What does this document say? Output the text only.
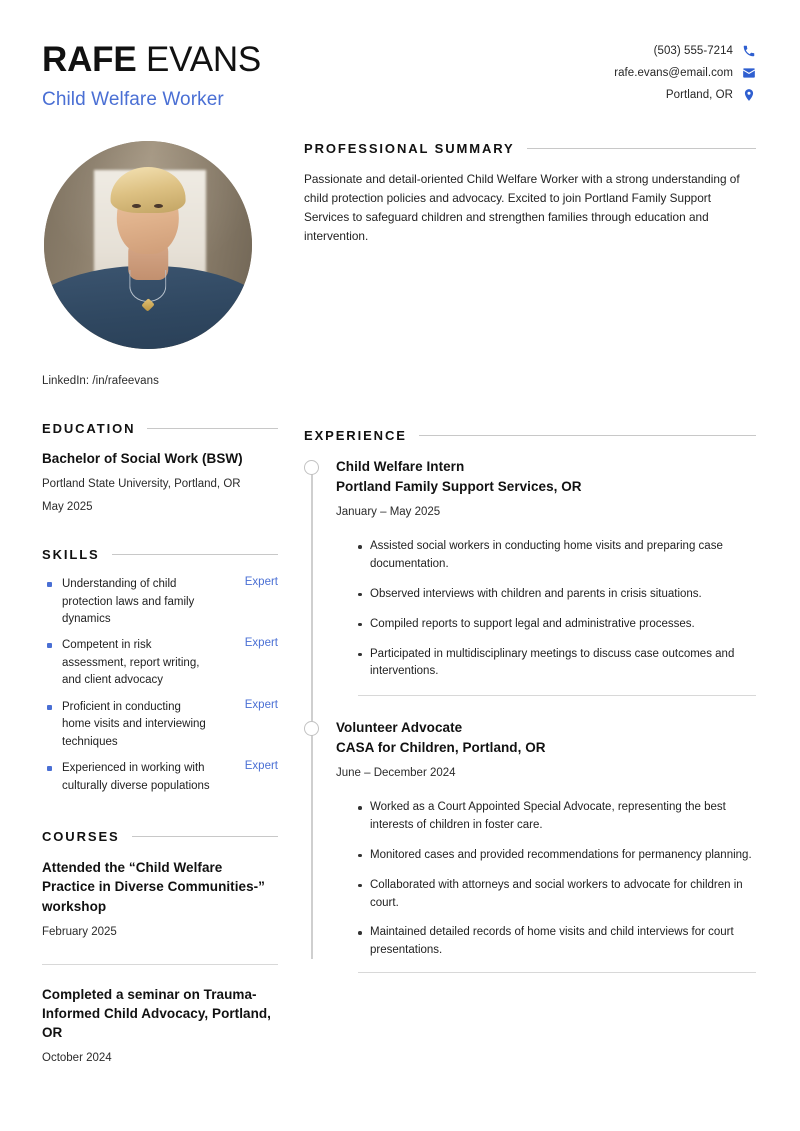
RAFE EVANS
Child Welfare Worker
(503) 555-7214
rafe.evans@email.com
Portland, OR
LinkedIn: /in/rafeevans
EDUCATION
Bachelor of Social Work (BSW)
Portland State University, Portland, OR
May 2025
SKILLS
Understanding of child protection laws and family dynamics
Expert
Competent in risk assessment, report writing, and client advocacy
Expert
Proficient in conducting home visits and interviewing techniques
Expert
Experienced in working with culturally diverse populations
Expert
COURSES
Attended the “Child Welfare Practice in Diverse Communities-” workshop
February 2025
Completed a seminar on Trauma-Informed Child Advocacy, Portland, OR
October 2024
PROFESSIONAL SUMMARY
Passionate and detail-oriented Child Welfare Worker with a strong understanding of child protection policies and advocacy. Excited to join Portland Family Support Services to safeguard children and strengthen families through education and intervention.
EXPERIENCE
Child Welfare Intern
Portland Family Support Services, OR
January – May 2025
Assisted social workers in conducting home visits and preparing case documentation.
Observed interviews with children and parents in crisis situations.
Compiled reports to support legal and administrative processes.
Participated in multidisciplinary meetings to discuss case outcomes and interventions.
Volunteer Advocate
CASA for Children, Portland, OR
June – December 2024
Worked as a Court Appointed Special Advocate, representing the best interests of children in foster care.
Monitored cases and provided recommendations for permanency planning.
Collaborated with attorneys and social workers to advocate for children in court.
Maintained detailed records of home visits and child interviews for court presentations.
